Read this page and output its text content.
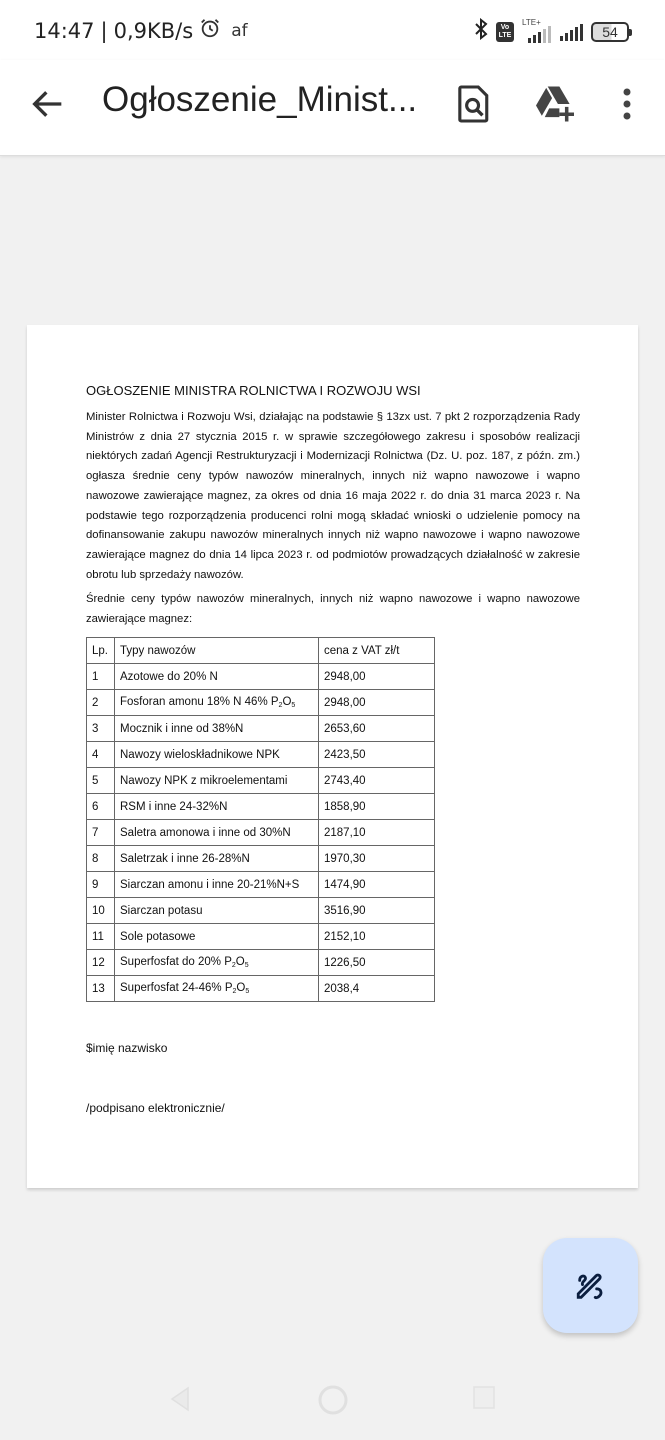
14:47 | 0,9KB/s af	Vo
LTE
LTE+
54
Ogłoszenie_Minist...
OGŁOSZENIE MINISTRA ROLNICTWA I ROZWOJU WSI
Minister Rolnictwa i Rozwoju Wsi, działając na podstawie § 13zx ust. 7 pkt 2 rozporządzenia Rady Ministrów z dnia 27 stycznia 2015 r. w sprawie szczegółowego zakresu i sposobów realizacji niektórych zadań Agencji Restrukturyzacji i Modernizacji Rolnictwa (Dz. U. poz. 187, z późn. zm.) ogłasza średnie ceny typów nawozów mineralnych, innych niż wapno nawozowe i wapno nawozowe zawierające magnez, za okres od dnia 16 maja 2022 r. do dnia 31 marca 2023 r. Na podstawie tego rozporządzenia producenci rolni mogą składać wnioski o udzielenie pomocy na dofinansowanie zakupu nawozów mineralnych innych niż wapno nawozowe i wapno nawozowe zawierające magnez do dnia 14 lipca 2023 r. od podmiotów prowadzących działalność w zakresie obrotu lub sprzedaży nawozów.
Średnie ceny typów nawozów mineralnych, innych niż wapno nawozowe i wapno nawozowe zawierające magnez:
Lp.	Typy nawozów	cena z VAT zł/t
1	Azotowe do 20% N	2948,00
2	Fosforan amonu 18% N 46% $P_2O_5$	2948,00
3	Mocznik i inne od 38%N	2653,60
4	Nawozy wieloskładnikowe NPK	2423,50
5	Nawozy NPK z mikroelementami	2743,40
6	RSM i inne 24-32%N	1858,90
7	Saletra amonowa i inne od 30%N	2187,10
8	Saletrzak i inne 26-28%N	1970,30
9	Siarczan amonu i inne 20-21%N+S	1474,90
10	Siarczan potasu	3516,90
11	Sole potasowe	2152,10
12	Superfosfat do 20% $P_2O_5$	1226,50
13	Superfosfat 24-46% $P_2O_5$	2038,4
$imię nazwisko
/podpisano elektronicznie/
